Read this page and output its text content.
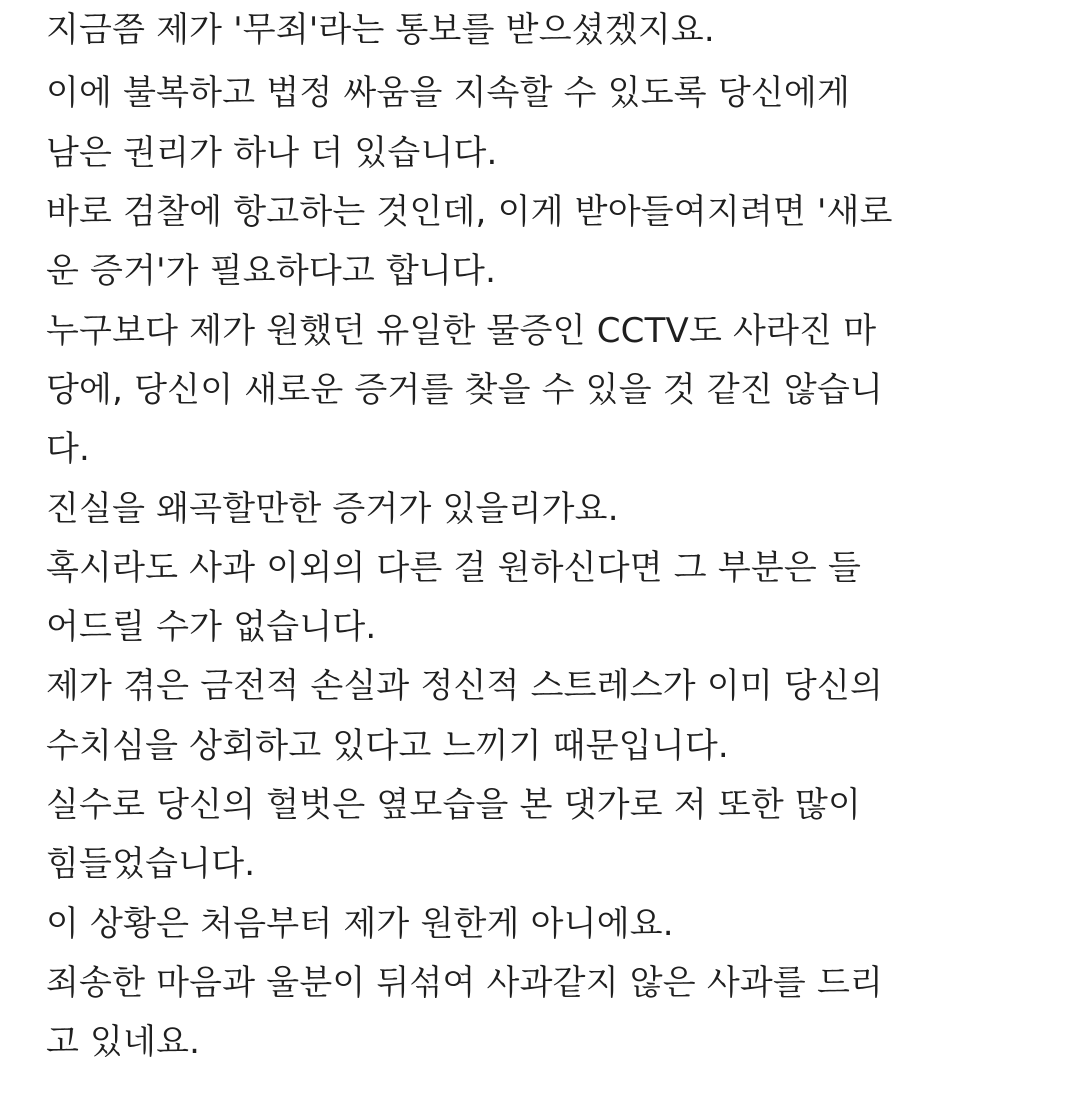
지금쯤 제가 '무죄'라는 통보를 받으셨겠지요.
이에 불복하고 법정 싸움을 지속할 수 있도록 당신에게
남은 권리가 하나 더 있습니다.
바로 검찰에 항고하는 것인데, 이게 받아들여지려면 '새로
운 증거'가 필요하다고 합니다.
누구보다 제가 원했던 유일한 물증인 CCTV도 사라진 마
당에, 당신이 새로운 증거를 찾을 수 있을 것 같진 않습니
다.
진실을 왜곡할만한 증거가 있을리가요.
혹시라도 사과 이외의 다른 걸 원하신다면 그 부분은 들
어드릴 수가 없습니다.
제가 겪은 금전적 손실과 정신적 스트레스가 이미 당신의
수치심을 상회하고 있다고 느끼기 때문입니다.
실수로 당신의 헐벗은 옆모습을 본 댓가로 저 또한 많이
힘들었습니다.
이 상황은 처음부터 제가 원한게 아니에요.
죄송한 마음과 울분이 뒤섞여 사과같지 않은 사과를 드리
고 있네요.
